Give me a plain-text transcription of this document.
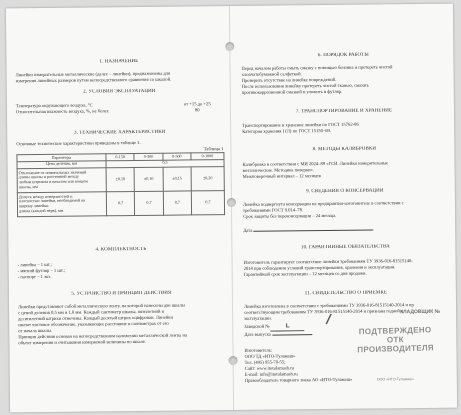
1. НАЗНАЧЕНИЕ
Линейки измерительные металлические (далее – линейки), предназначены для
измерения линейных размеров путем непосредственного сравнения со шкалой.
2. УСЛОВИЯ ЭКСПЛУАТАЦИИ
Температура окружающего воздуха, °С	от +15 до +25
Относительная влажность воздуха, %, не более	80
3. ТЕХНИЧЕСКИЕ ХАРАКТЕРИСТИКИ
Основные технические характеристики приведены в таблице 1.
Таблица 1
Параметры	0-150	0-300	0-500	0-1000
Цена деления, мм	0,5			

Отклонение от номинальных значений
длины шкалы и расстояний между
любым штрихом и началом или концом
шкалы, мм	±0,10	±0,10	±0,15	±0,20

Допуск между поверхностей и
плоскостью линейки, необходимой на
ширину линейки
длины (каждой нерв), мм	0,7	0,7	0,7	0,7
4. КОМПЛЕКТНОСТЬ
- линейка – 1 шт.;
- мягкий футляр – 1 шт.;
- паспорт – 1 экз.
5. УСТРОЙСТВО И ПРИНЦИП ДЕЙСТВИЯ
Линейки представляют собой металлическую ленту, на которой нанесены две шкалы
с ценой деления 0,5 мм и 1,0 мм. Каждый сантиметр шкалы, пятилетний и
десятилетний штрихи отмечены. Каждый десятый штрих оцифрован. Линейки
имеют чистовое обозначение, указывающее расстояние в сантиметрах от его
от начала шкалы.
Принцип действия основан на непосредственном наложении металлической ленты на
объект измерения и считывания измеряемой величины по шкале.
6. ПОРЯДОК РАБОТЫ
Перед началом работы смыть смазку с помощью бензина и протереть чистой
хлопчатобумажной салфеткой.
Проверить отсутствие на линейке повреждений.
После использования линейку протереть чистой тканью, смазать
противокоррозионной смазкой и уложить в футляр.
7. ТРАНСПОРТИРОВАНИЕ И ХРАНЕНИЕ
Транспортирование и хранение линейки по ГОСТ 15762-86
Категория хранения I (Л) по ГОСТ 15150–69.
8. МЕТОДЫ КАЛИБРОВКИ
Калибровка в соответствии с МИ 2024–89 «ГСИ. Линейки измерительные
металлические. Методика поверки».
Межповерочный интервал – 12 месяцев
9. СВЕДЕНИЯ О КОНСЕРВАЦИИ
Линейка подвергнута консервации на предприятии-изготовителе в соответствии с
требованиями ГОСТ 9.014–78.
Срок защиты без переконсервации – 24 месяца.
Дата
10. ГАРАНТИЙНЫЕ ОБЯЗАТЕЛЬСТВА
Изготовитель гарантирует соответствие линейки требованиям ТУ 3936-016-81515140-
2014 при соблюдении условий транспортирования, хранения и эксплуатации.
Гарантийный срок эксплуатации – 12 месяцев со дня продажи.
11. СВИДЕТЕЛЬСТВО О ПРИЕМКЕ
Линейка изготовлена в соответствии с требованиями ТУ 3936-016-81515140-2014 и пр
соответствующим требованиям ТУ 3936-016-81515140-2014 и признана годной к
эксплуатации.
Заводской №	L
Дата выпуска
Изготовитель:
ООО ТД «ИТО-Туламаш»
Тел. (495) 955-70-55;
Сайт: www.itotulamash.ru
E-mail: info@itotulamash.ru
Правообладатель товарного знака АО «ИТО-Туламаш»
КЛАДОВЩИК №
ПОДТВЕРЖДЕНО
ОТК
ПРОИЗВОДИТЕЛЯ
ООО «ИТО-Туламаш»
